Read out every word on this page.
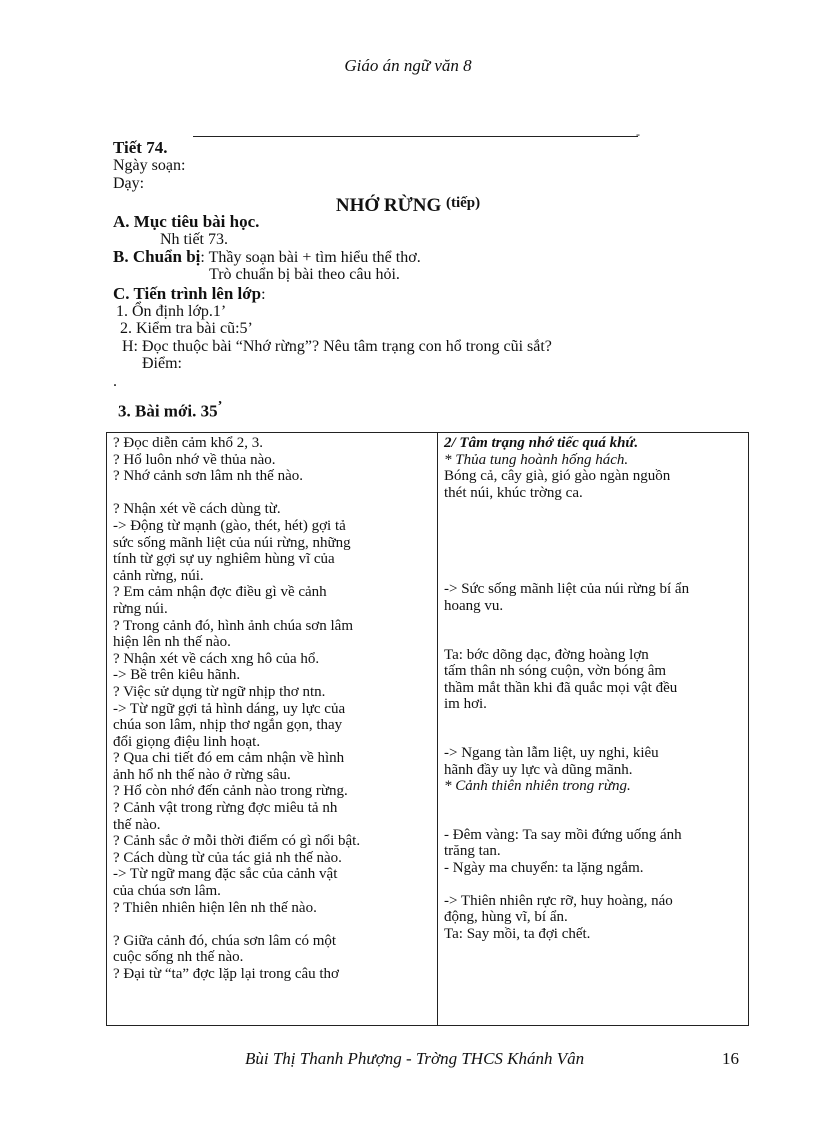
Giáo án ngữ văn 8
-
Tiết 74.
Ngày soạn:
Dạy:
NHỚ RỪNG $^{(tiếp)}$
A. Mục tiêu bài học.
Nh tiết 73.
B. Chuẩn bị: Thầy soạn bài + tìm hiểu thể thơ.
Trò chuẩn bị bài theo câu hỏi.
C. Tiến trình lên lớp:
1. Ổn định lớp.1’
2. Kiểm tra bài cũ:5’
H: Đọc thuộc bài “Nhớ rừng”? Nêu tâm trạng con hổ trong cũi sắt?
Điểm:
.
3. Bài mới. 35’
? Đọc diễn cảm khổ 2, 3.
? Hổ luôn nhớ về thủa nào.
? Nhớ cảnh sơn lâm nh thế nào.
? Nhận xét về cách dùng từ.
-> Động từ mạnh (gào, thét, hét) gợi tả
sức sống mãnh liệt của núi rừng, những
tính từ gợi sự uy nghiêm hùng vĩ của
cảnh rừng, núi.
? Em cảm nhận đợc điều gì về cảnh
rừng núi.
? Trong cảnh đó, hình ảnh chúa sơn lâm
hiện lên nh thế nào.
? Nhận xét về cách xng hô của hổ.
-> Bề trên kiêu hãnh.
? Việc sử dụng từ ngữ nhịp thơ ntn.
-> Từ ngữ gợi tả hình dáng, uy lực của
chúa son lâm, nhịp thơ ngắn gọn, thay
đổi giọng điệu linh hoạt.
? Qua chi tiết đó em cảm nhận về hình
ảnh hổ nh thế nào ở rừng sâu.
? Hổ còn nhớ đến cảnh nào trong rừng.
? Cảnh vật trong rừng đợc miêu tả nh
thế nào.
? Cảnh sắc ở mỗi thời điểm có gì nổi bật.
? Cách dùng từ của tác giả nh thế nào.
-> Từ ngữ mang đặc sắc của cảnh vật
của chúa sơn lâm.
? Thiên nhiên hiện lên nh thế nào.
? Giữa cảnh đó, chúa sơn lâm có một
cuộc sống nh thế nào.
? Đại từ “ta” đợc lặp lại trong câu thơ

2/ Tâm trạng nhớ tiếc quá khứ.
* Thủa tung hoành hống hách.
Bóng cả, cây già, gió gào ngàn nguồn
thét núi, khúc trờng ca.
-> Sức sống mãnh liệt của núi rừng bí ẩn
hoang vu.
Ta: bớc dõng dạc, đờng hoàng lợn
tấm thân nh sóng cuộn, vờn bóng âm
thầm mắt thần khi đã quắc mọi vật đều
im hơi.
-> Ngang tàn lẫm liệt, uy nghi, kiêu
hãnh đầy uy lực và dũng mãnh.
* Cảnh thiên nhiên trong rừng.
- Đêm vàng: Ta say mồi đứng uống ánh
trăng tan.
- Ngày ma chuyển: ta lặng ngắm.
-> Thiên nhiên rực rỡ, huy hoàng, náo
động, hùng vĩ, bí ẩn.
Ta: Say mồi, ta đợi chết.
Bùi Thị Thanh Phượng - Trờng THCS Khánh Vân	16
